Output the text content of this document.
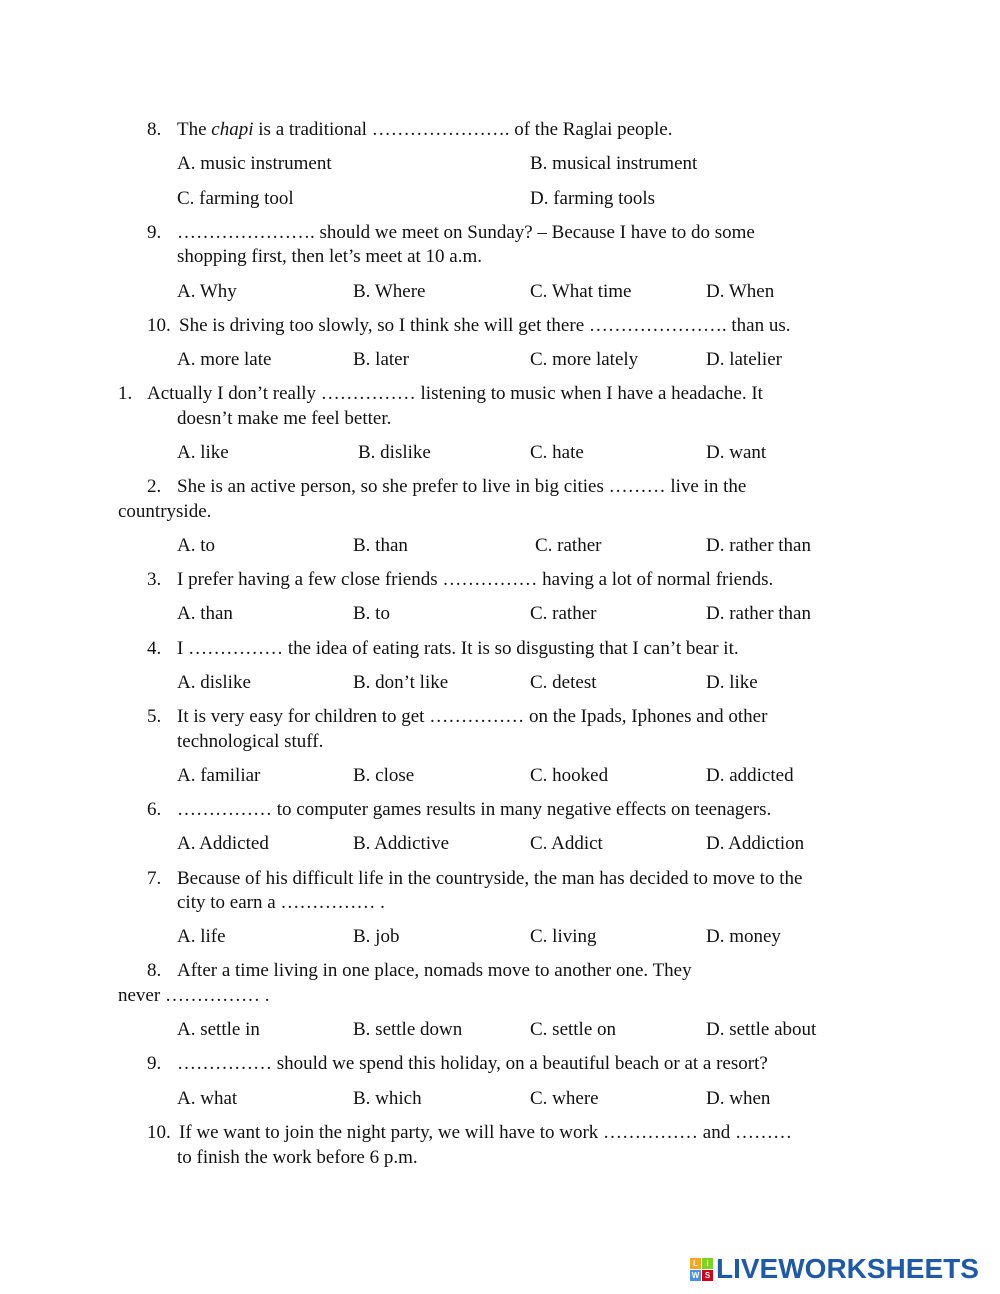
8. The chapi is a traditional …………………. of the Raglai people.
A. music instrument	B. musical instrument
C. farming tool	D. farming tools
9. …………………. should we meet on Sunday? – Because I have to do some
shopping first, then let’s meet at 10 a.m.
A. Why	B. Where	C. What time	D. When
10. She is driving too slowly, so I think she will get there …………………. than us.
A. more late	B. later	C. more lately	D. latelier
1. Actually I don’t really …………… listening to music when I have a headache. It
doesn’t make me feel better.
A. like	B. dislike	C. hate	D. want
2. She is an active person, so she prefer to live in big cities ……… live in the
countryside.
A. to	B. than	C. rather	D. rather than
3. I prefer having a few close friends …………… having a lot of normal friends.
A. than	B. to	C. rather	D. rather than
4. I …………… the idea of eating rats. It is so disgusting that I can’t bear it.
A. dislike	B. don’t like	C. detest	D. like
5. It is very easy for children to get …………… on the Ipads, Iphones and other
technological stuff.
A. familiar	B. close	C. hooked	D. addicted
6. …………… to computer games results in many negative effects on teenagers.
A. Addicted	B. Addictive	C. Addict	D. Addiction
7. Because of his difficult life in the countryside, the man has decided to move to the
city to earn a …………… .
A. life	B. job	C. living	D. money
8. After a time living in one place, nomads move to another one. They
never …………… .
A. settle in	B. settle down	C. settle on	D. settle about
9. …………… should we spend this holiday, on a beautiful beach or at a resort?
A. what	B. which	C. where	D. when
10. If we want to join the night party, we will have to work …………… and ………
to finish the work before 6 p.m.
L	i
W S LIVEWORKSHEETS
